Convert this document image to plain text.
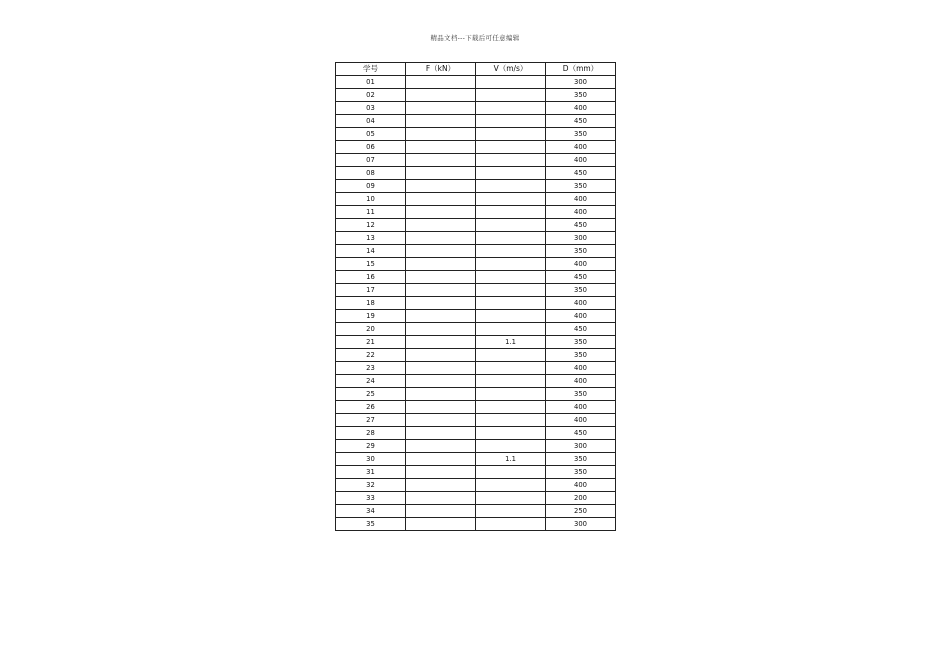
精品文档---下载后可任意编辑
学号	F（kN）	V（m/s）	D（mm）
01			300
02			350
03			400
04			450
05			350
06			400
07			400
08			450
09			350
10			400
11			400
12			450
13			300
14			350
15			400
16			450
17			350
18			400
19			400
20			450
21		1.1	350
22			350
23			400
24			400
25			350
26			400
27			400
28			450
29			300
30		1.1	350
31			350
32			400
33			200
34			250
35			300
